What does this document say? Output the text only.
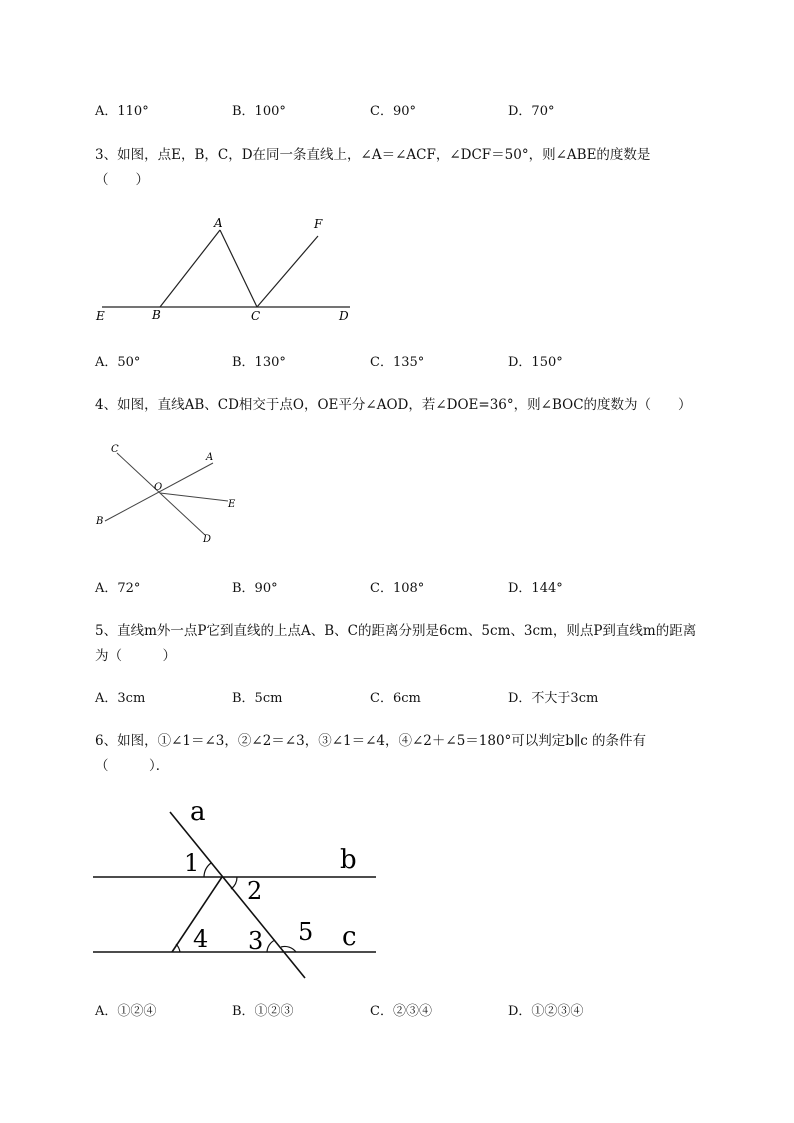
A．110°	B．100°	C．90°	D．70°
3、如图，点E，B，C，D在同一条直线上，∠A＝∠ACF，∠DCF＝50°，则∠ABE的度数是
（　　）
A	F
E	B	C	D
A．50°	B．130°	C．135°	D．150°
4、如图，直线AB、CD相交于点O，OE平分∠AOD，若∠DOE=36°，则∠BOC的度数为（　　）
C
A
O
E
B
D
A．72°	B．90°	C．108°	D．144°
5、直线m外一点P它到直线的上点A、B、C的距离分别是6cm、5cm、3cm，则点P到直线m的距离
为（　　　）
A．3cm	B．5cm	C．6cm	D．不大于3cm
6、如图，①∠1＝∠3，②∠2＝∠3，③∠1＝∠4，④∠2＋∠5＝180°可以判定b∥c 的条件有
（　　　）．
a
b
c
1
2
3
4	5
A．①②④	B．①②③	C．②③④	D．①②③④
